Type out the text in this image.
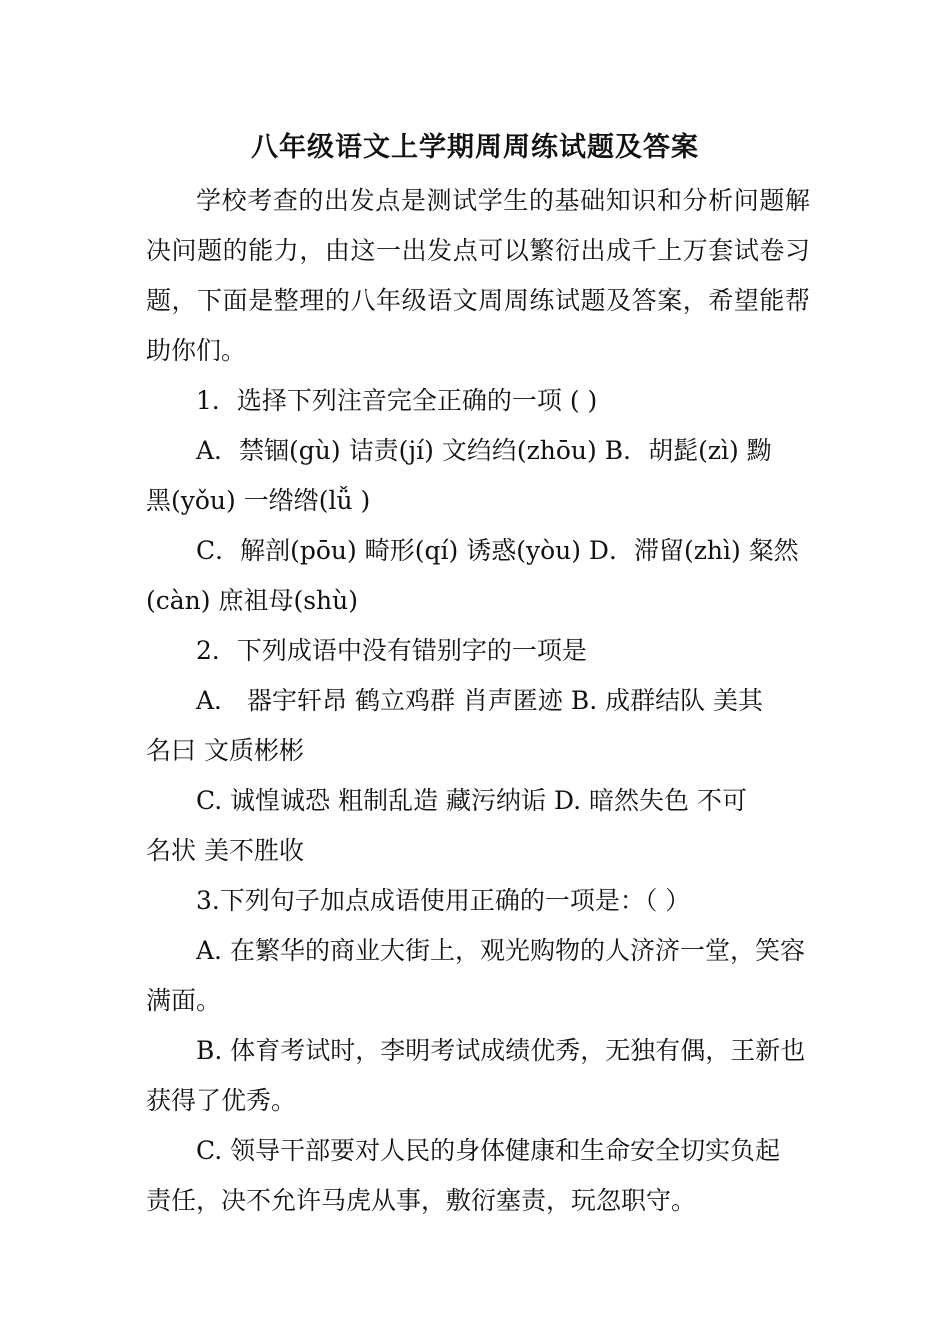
八年级语文上学期周周练试题及答案

学校考查的出发点是测试学生的基础知识和分析问题解决问题的能力，由这一出发点可以繁衍出成千上万套试卷习题，下面是整理的八年级语文周周练试题及答案，希望能帮助你们。

1．选择下列注音完全正确的一项 ( )

A．禁锢(gù) 诘责(jí) 文绉绉(zhōu) B．胡髭(zì) 黝

黑(yǒu) 一绺绺(lǚ )

C．解剖(pōu) 畸形(qí) 诱惑(yòu) D．滞留(zhì) 粲然

(càn) 庶祖母(shù)

2．下列成语中没有错别字的一项是

A． 器宇轩昂 鹤立鸡群 肖声匿迹 B. 成群结队 美其

名曰 文质彬彬

C. 诚惶诚恐 粗制乱造 藏污纳诟 D. 暗然失色 不可

名状 美不胜收

3.下列句子加点成语使用正确的一项是：（ ）

A. 在繁华的商业大街上，观光购物的人济济一堂，笑容

满面。

B. 体育考试时，李明考试成绩优秀，无独有偶，王新也

获得了优秀。

C. 领导干部要对人民的身体健康和生命安全切实负起

责任，决不允许马虎从事，敷衍塞责，玩忽职守。
